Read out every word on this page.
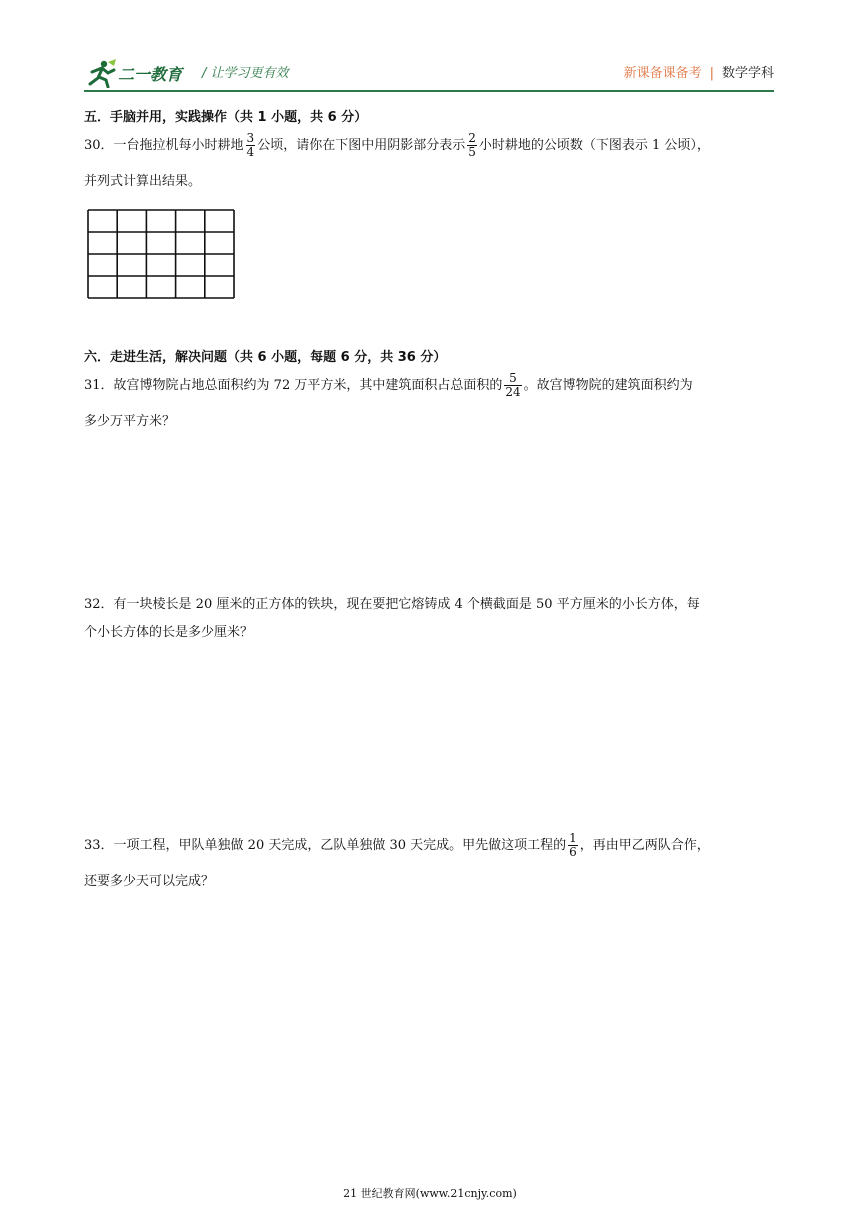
二一教育 / 让学习更有效	新课备课备考 | 数学学科
五．手脑并用，实践操作（共 1 小题，共 6 分）
30．一台拖拉机每小时耕地 $\frac{3}{4}$ 公顷，请你在下图中用阴影部分表示 $\frac{2}{5}$ 小时耕地的公顷数（下图表示 1 公顷），
并列式计算出结果。
六．走进生活，解决问题（共 6 小题，每题 6 分，共 36 分）
31．故宫博物院占地总面积约为 72 万平方米，其中建筑面积占总面积的 $\frac{5}{24}$ 。故宫博物院的建筑面积约为
多少万平方米？
32．有一块棱长是 20 厘米的正方体的铁块，现在要把它熔铸成 4 个横截面是 50 平方厘米的小长方体，每
个小长方体的长是多少厘米？
33．一项工程，甲队单独做 20 天完成，乙队单独做 30 天完成。甲先做这项工程的 $\frac{1}{6}$ ，再由甲乙两队合作，
还要多少天可以完成？
21 世纪教育网(www.21cnjy.com)
